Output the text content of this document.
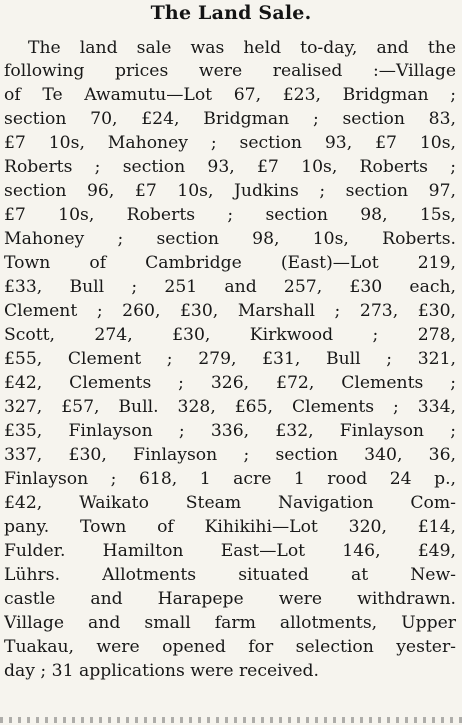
The Land Sale.
The land sale was held to-day, and the
following prices were realised :—Village
of Te Awamutu—Lot 67, £23, Bridgman ;
section 70, £24, Bridgman ; section 83,
£7 10s, Mahoney ; section 93, £7 10s,
Roberts ; section 93, £7 10s, Roberts ;
section 96, £7 10s, Judkins ; section 97,
£7 10s, Roberts ; section 98, 15s,
Mahoney ; section 98, 10s, Roberts.
Town of Cambridge (East)—Lot 219,
£33, Bull ; 251 and 257, £30 each,
Clement ; 260, £30, Marshall ; 273, £30,
Scott, 274, £30, Kirkwood ; 278,
£55, Clement ; 279, £31, Bull ; 321,
£42, Clements ; 326, £72, Clements ;
327, £57, Bull. 328, £65, Clements ; 334,
£35, Finlayson ; 336, £32, Finlayson ;
337, £30, Finlayson ; section 340, 36,
Finlayson ; 618, 1 acre 1 rood 24 p.,
£42, Waikato Steam Navigation Com-
pany. Town of Kihikihi—Lot 320, £14,
Fulder. Hamilton East—Lot 146, £49,
Lührs. Allotments situated at New-
castle and Harapepe were withdrawn.
Village and small farm allotments, Upper
Tuakau, were opened for selection yester-
day ; 31 applications were received.
